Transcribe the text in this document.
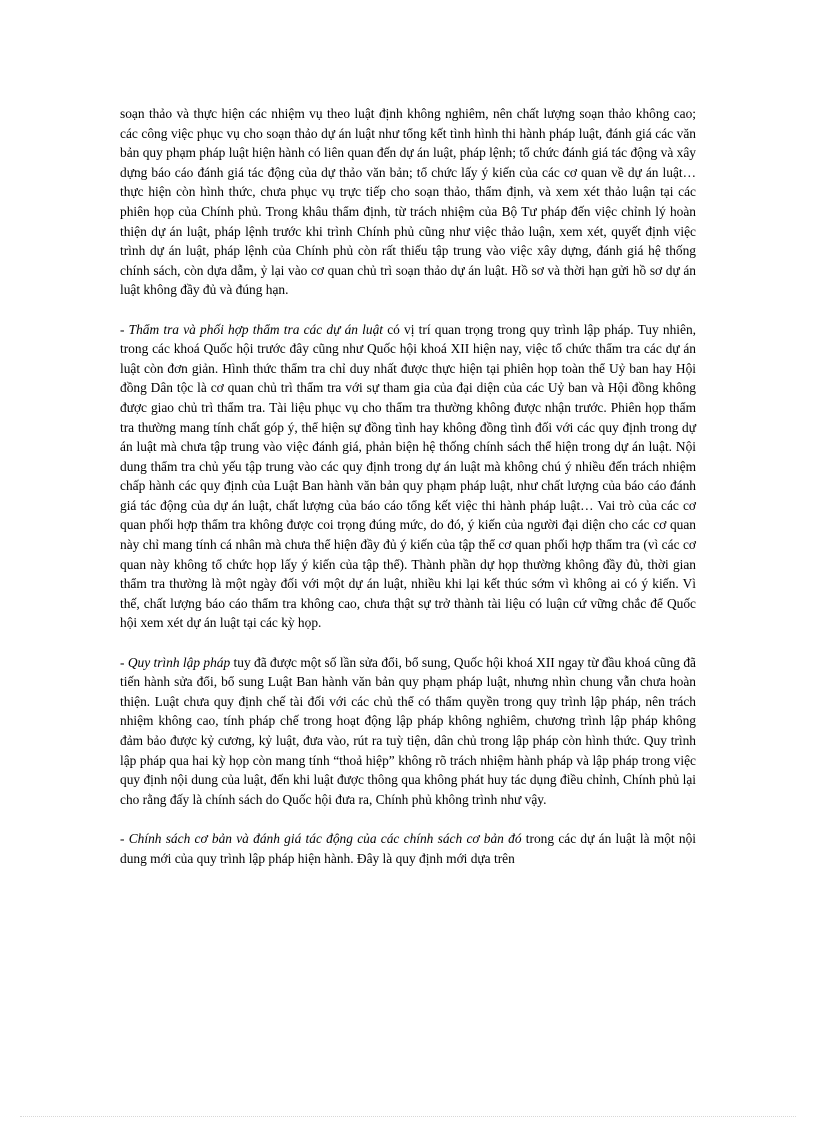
soạn thảo và thực hiện các nhiệm vụ theo luật định không nghiêm, nên chất lượng soạn thảo không cao; các công việc phục vụ cho soạn thảo dự án luật như tổng kết tình hình thi hành pháp luật, đánh giá các văn bản quy phạm pháp luật hiện hành có liên quan đến dự án luật, pháp lệnh; tổ chức đánh giá tác động và xây dựng báo cáo đánh giá tác động của dự thảo văn bản; tổ chức lấy ý kiến của các cơ quan về dự án luật… thực hiện còn hình thức, chưa phục vụ trực tiếp cho soạn thảo, thẩm định, và xem xét thảo luận tại các phiên họp của Chính phủ. Trong khâu thẩm định, từ trách nhiệm của Bộ Tư pháp đến việc chỉnh lý hoàn thiện dự án luật, pháp lệnh trước khi trình Chính phủ cũng như việc thảo luận, xem xét, quyết định việc trình dự án luật, pháp lệnh của Chính phủ còn rất thiếu tập trung vào việc xây dựng, đánh giá hệ thống chính sách, còn dựa dẫm, ỷ lại vào cơ quan chủ trì soạn thảo dự án luật. Hồ sơ và thời hạn gửi hồ sơ dự án luật không đầy đủ và đúng hạn.

- Thẩm tra và phối hợp thẩm tra các dự án luật có vị trí quan trọng trong quy trình lập pháp. Tuy nhiên, trong các khoá Quốc hội trước đây cũng như Quốc hội khoá XII hiện nay, việc tổ chức thẩm tra các dự án luật còn đơn giản. Hình thức thẩm tra chỉ duy nhất được thực hiện tại phiên họp toàn thể Uỷ ban hay Hội đồng Dân tộc là cơ quan chủ trì thẩm tra với sự tham gia của đại diện của các Uỷ ban và Hội đồng không được giao chủ trì thẩm tra. Tài liệu phục vụ cho thẩm tra thường không được nhận trước. Phiên họp thẩm tra thường mang tính chất góp ý, thể hiện sự đồng tình hay không đồng tình đối với các quy định trong dự án luật mà chưa tập trung vào việc đánh giá, phản biện hệ thống chính sách thể hiện trong dự án luật. Nội dung thẩm tra chủ yếu tập trung vào các quy định trong dự án luật mà không chú ý nhiều đến trách nhiệm chấp hành các quy định của Luật Ban hành văn bản quy phạm pháp luật, như chất lượng của báo cáo đánh giá tác động của dự án luật, chất lượng của báo cáo tổng kết việc thi hành pháp luật… Vai trò của các cơ quan phối hợp thẩm tra không được coi trọng đúng mức, do đó, ý kiến của người đại diện cho các cơ quan này chỉ mang tính cá nhân mà chưa thể hiện đầy đủ ý kiến của tập thể cơ quan phối hợp thẩm tra (vì các cơ quan này không tổ chức họp lấy ý kiến của tập thể). Thành phần dự họp thường không đầy đủ, thời gian thẩm tra thường là một ngày đối với một dự án luật, nhiều khi lại kết thúc sớm vì không ai có ý kiến. Vì thế, chất lượng báo cáo thẩm tra không cao, chưa thật sự trở thành tài liệu có luận cứ vững chắc để Quốc hội xem xét dự án luật tại các kỳ họp.

- Quy trình lập pháp tuy đã được một số lần sửa đổi, bổ sung, Quốc hội khoá XII ngay từ đầu khoá cũng đã tiến hành sửa đổi, bổ sung Luật Ban hành văn bản quy phạm pháp luật, nhưng nhìn chung vẫn chưa hoàn thiện. Luật chưa quy định chế tài đối với các chủ thể có thẩm quyền trong quy trình lập pháp, nên trách nhiệm không cao, tính pháp chế trong hoạt động lập pháp không nghiêm, chương trình lập pháp không đảm bảo được kỷ cương, kỷ luật, đưa vào, rút ra tuỳ tiện, dân chủ trong lập pháp còn hình thức. Quy trình lập pháp qua hai kỳ họp còn mang tính “thoả hiệp” không rõ trách nhiệm hành pháp và lập pháp trong việc quy định nội dung của luật, đến khi luật được thông qua không phát huy tác dụng điều chỉnh, Chính phủ lại cho rằng đấy là chính sách do Quốc hội đưa ra, Chính phủ không trình như vậy.

- Chính sách cơ bản và đánh giá tác động của các chính sách cơ bản đó trong các dự án luật là một nội dung mới của quy trình lập pháp hiện hành. Đây là quy định mới dựa trên
